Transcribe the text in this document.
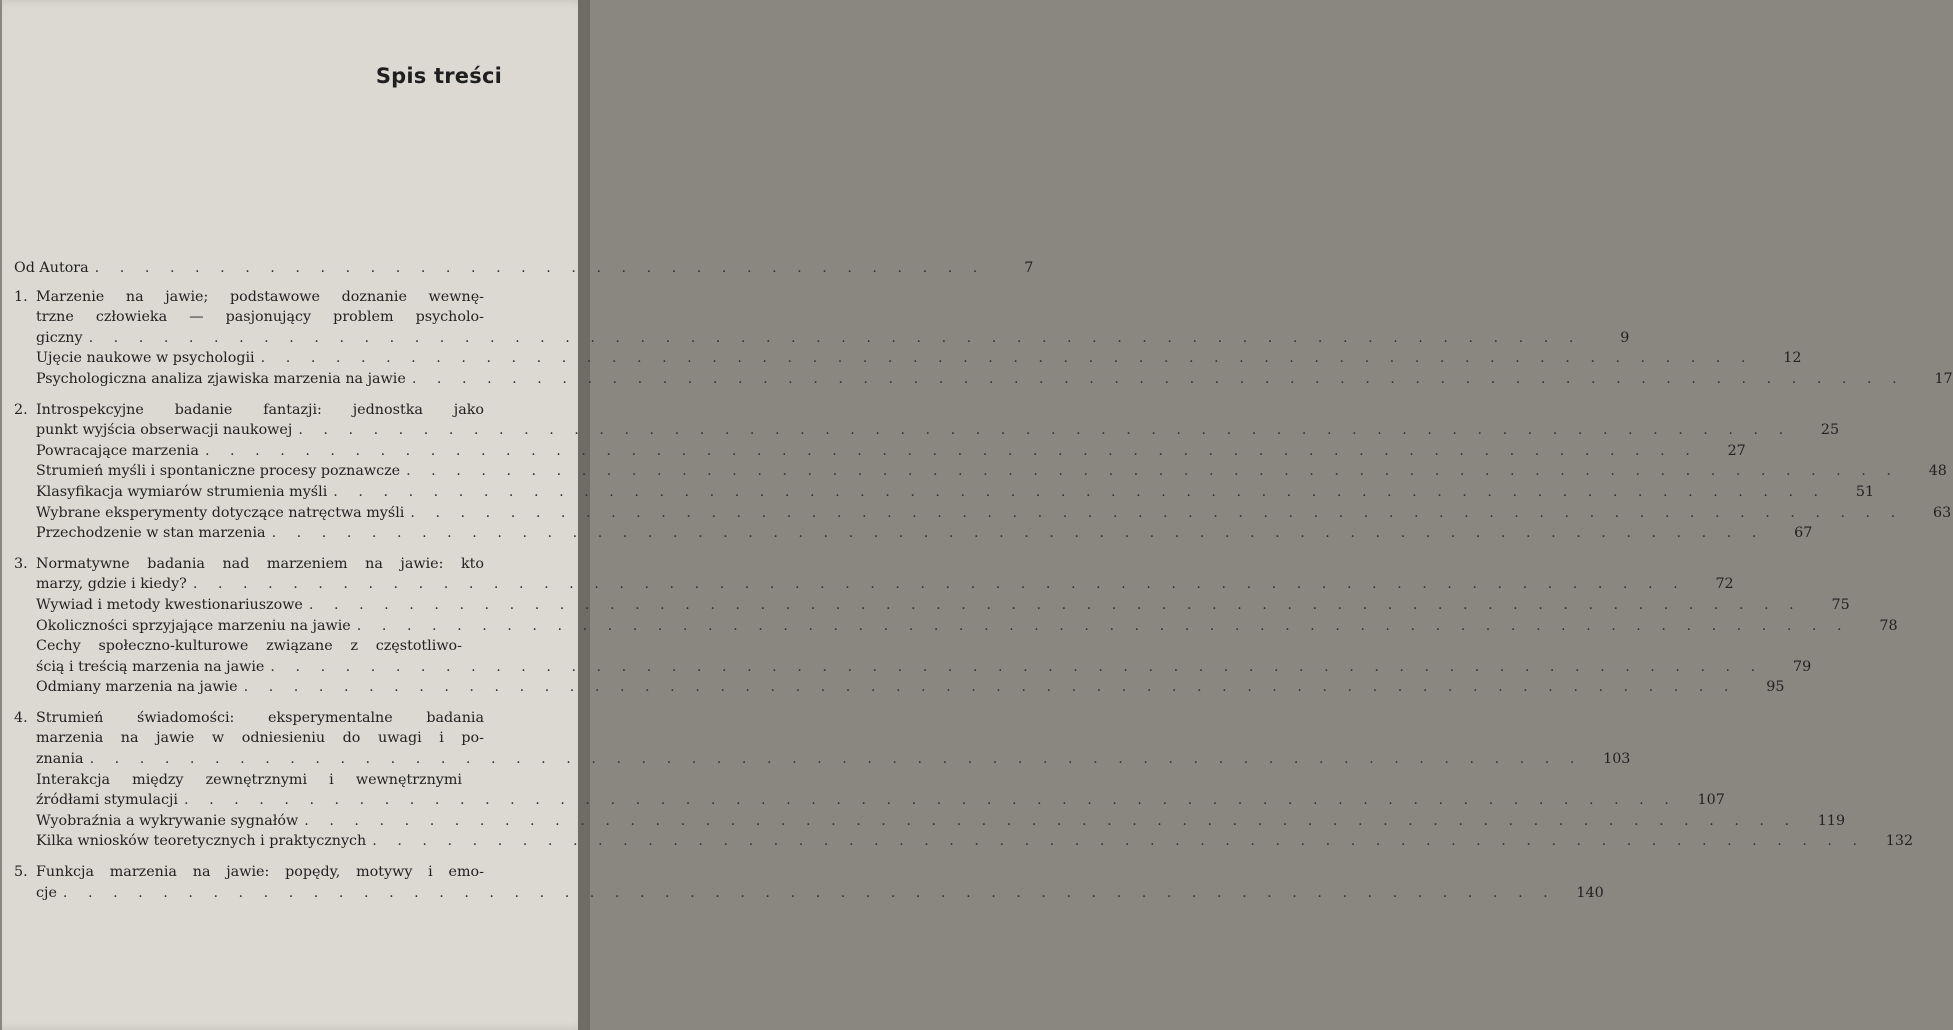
Spis treści
Od Autora . . . . . . . . . . . . . . . . . . . . . . . . . . . . . . . . . . . .	7
1. Marzenie na jawie; podstawowe doznanie wewnę-
trzne człowieka — pasjonujący problem psycholo-
giczny . . . . . . . . . . . . . . . . . . . . . . . . . . . . . . . . . . . . . . . . . . . . . . . . . . . . . . . . . . . .	9
Ujęcie naukowe w psychologii . . . . . . . . . . . . . . . . . . . . . . . . . . . . . . . . . . . . . . . . . . . . . . . . . . . . . . . . . . . .	12
Psychologiczna analiza zjawiska marzenia na jawie . . . . . . . . . . . . . . . . . . . . . . . . . . . . . . . . . . . . . . . . . . . . . . . . . . . . . . . . . . . .	17
2. Introspekcyjne badanie fantazji: jednostka jako
punkt wyjścia obserwacji naukowej . . . . . . . . . . . . . . . . . . . . . . . . . . . . . . . . . . . . . . . . . . . . . . . . . . . . . . . . . . . .	25
Powracające marzenia . . . . . . . . . . . . . . . . . . . . . . . . . . . . . . . . . . . . . . . . . . . . . . . . . . . . . . . . . . . .	27
Strumień myśli i spontaniczne procesy poznawcze . . . . . . . . . . . . . . . . . . . . . . . . . . . . . . . . . . . . . . . . . . . . . . . . . . . . . . . . . . . .	48
Klasyfikacja wymiarów strumienia myśli . . . . . . . . . . . . . . . . . . . . . . . . . . . . . . . . . . . . . . . . . . . . . . . . . . . . . . . . . . . .	51
Wybrane eksperymenty dotyczące natręctwa myśli . . . . . . . . . . . . . . . . . . . . . . . . . . . . . . . . . . . . . . . . . . . . . . . . . . . . . . . . . . . .	63
Przechodzenie w stan marzenia . . . . . . . . . . . . . . . . . . . . . . . . . . . . . . . . . . . . . . . . . . . . . . . . . . . . . . . . . . . .	67
3. Normatywne badania nad marzeniem na jawie: kto
marzy, gdzie i kiedy? . . . . . . . . . . . . . . . . . . . . . . . . . . . . . . . . . . . . . . . . . . . . . . . . . . . . . . . . . . . .	72
Wywiad i metody kwestionariuszowe . . . . . . . . . . . . . . . . . . . . . . . . . . . . . . . . . . . . . . . . . . . . . . . . . . . . . . . . . . . .	75
Okoliczności sprzyjające marzeniu na jawie . . . . . . . . . . . . . . . . . . . . . . . . . . . . . . . . . . . . . . . . . . . . . . . . . . . . . . . . . . . .	78
Cechy społeczno-kulturowe związane z częstotliwo-
ścią i treścią marzenia na jawie . . . . . . . . . . . . . . . . . . . . . . . . . . . . . . . . . . . . . . . . . . . . . . . . . . . . . . . . . . . .	79
Odmiany marzenia na jawie . . . . . . . . . . . . . . . . . . . . . . . . . . . . . . . . . . . . . . . . . . . . . . . . . . . . . . . . . . . .	95
4. Strumień świadomości: eksperymentalne badania
marzenia na jawie w odniesieniu do uwagi i po-
znania . . . . . . . . . . . . . . . . . . . . . . . . . . . . . . . . . . . . . . . . . . . . . . . . . . . . . . . . . . . .	103
Interakcja między zewnętrznymi i wewnętrznymi
źródłami stymulacji . . . . . . . . . . . . . . . . . . . . . . . . . . . . . . . . . . . . . . . . . . . . . . . . . . . . . . . . . . . .	107
Wyobraźnia a wykrywanie sygnałów . . . . . . . . . . . . . . . . . . . . . . . . . . . . . . . . . . . . . . . . . . . . . . . . . . . . . . . . . . . .	119
Kilka wniosków teoretycznych i praktycznych . . . . . . . . . . . . . . . . . . . . . . . . . . . . . . . . . . . . . . . . . . . . . . . . . . . . . . . . . . . .	132
5. Funkcja marzenia na jawie: popędy, motywy i emo-
cje . . . . . . . . . . . . . . . . . . . . . . . . . . . . . . . . . . . . . . . . . . . . . . . . . . . . . . . . . . . .	140
